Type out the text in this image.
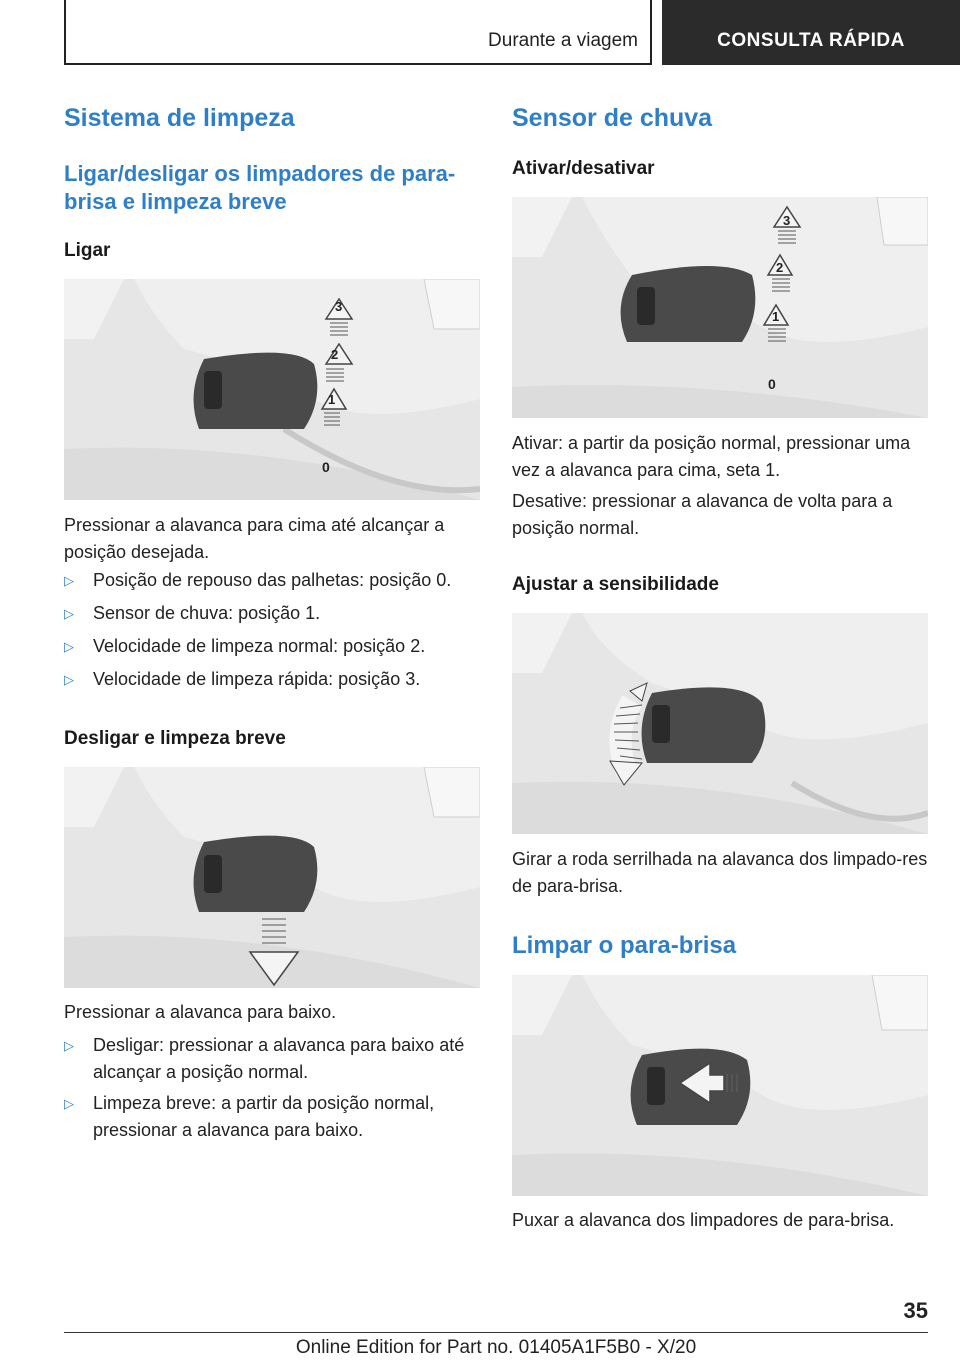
Durante a viagem	CONSULTA RÁPIDA
Sistema de limpeza
Ligar/desligar os limpadores de para-brisa e limpeza breve
Ligar
3
2
1
0

Pressionar a alavanca para cima até alcançar a posição desejada.

▷	Posição de repouso das palhetas: posição 0.
▷	Sensor de chuva: posição 1.
▷	Velocidade de limpeza normal: posição 2.
▷	Velocidade de limpeza rápida: posição 3.
Desligar e limpeza breve

Pressionar a alavanca para baixo.

▷	Desligar: pressionar a alavanca para baixo até alcançar a posição normal.
▷	Limpeza breve: a partir da posição normal, pressionar a alavanca para baixo.
Sensor de chuva
Ativar/desativar
3
2
1
0

Ativar: a partir da posição normal, pressionar uma vez a alavanca para cima, seta 1.

Desative: pressionar a alavanca de volta para a posição normal.

Ajustar a sensibilidade

Girar a roda serrilhada na alavanca dos limpado-res de para-brisa.

Limpar o para-brisa

Puxar a alavanca dos limpadores de para-brisa.

35
Online Edition for Part no. 01405A1F5B0 - X/20
